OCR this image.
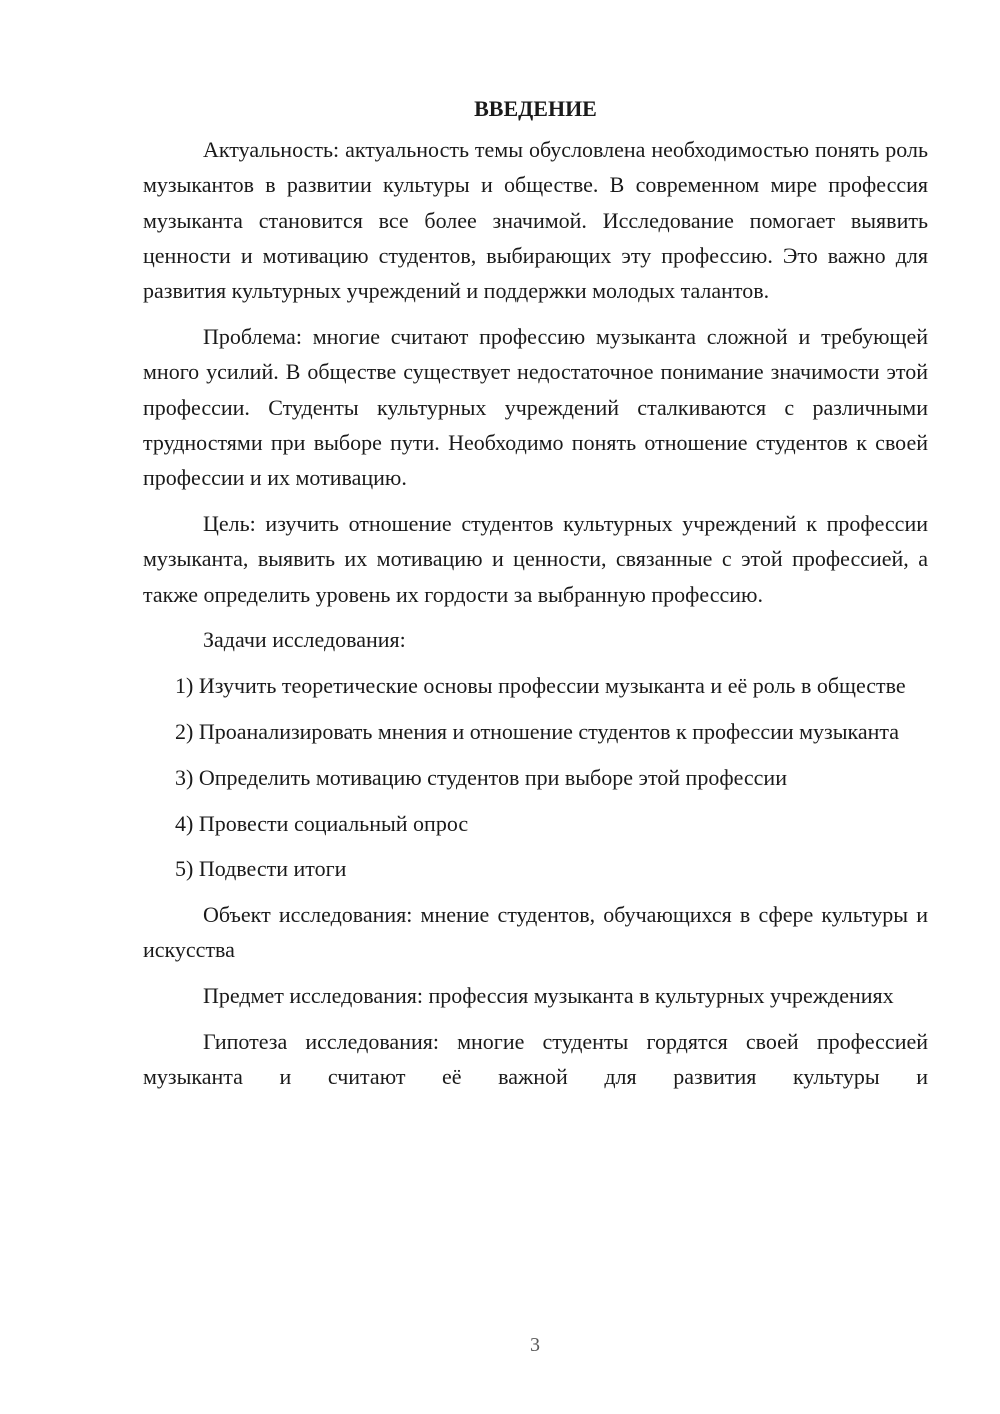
ВВЕДЕНИЕ

Актуальность: актуальность темы обусловлена необходимостью понять роль музыкантов в развитии культуры и обществе. В современном мире профессия музыканта становится все более значимой. Исследование помогает выявить ценности и мотивацию студентов, выбирающих эту профессию. Это важно для развития культурных учреждений и поддержки молодых талантов.

Проблема: многие считают профессию музыканта сложной и требующей много усилий. В обществе существует недостаточное понимание значимости этой профессии. Студенты культурных учреждений сталкиваются с различными трудностями при выборе пути. Необходимо понять отношение студентов к своей профессии и их мотивацию.

Цель: изучить отношение студентов культурных учреждений к профессии музыканта, выявить их мотивацию и ценности, связанные с этой профессией, а также определить уровень их гордости за выбранную профессию.

Задачи исследования:

1) Изучить теоретические основы профессии музыканта и её роль в обществе

2) Проанализировать мнения и отношение студентов к профессии музыканта

3) Определить мотивацию студентов при выборе этой профессии

4) Провести социальный опрос

5) Подвести итоги

Объект исследования: мнение студентов, обучающихся в сфере культуры и искусства

Предмет исследования: профессия музыканта в культурных учреждениях

Гипотеза исследования: многие студенты гордятся своей профессией музыканта и считают её важной для развития культуры и

3
